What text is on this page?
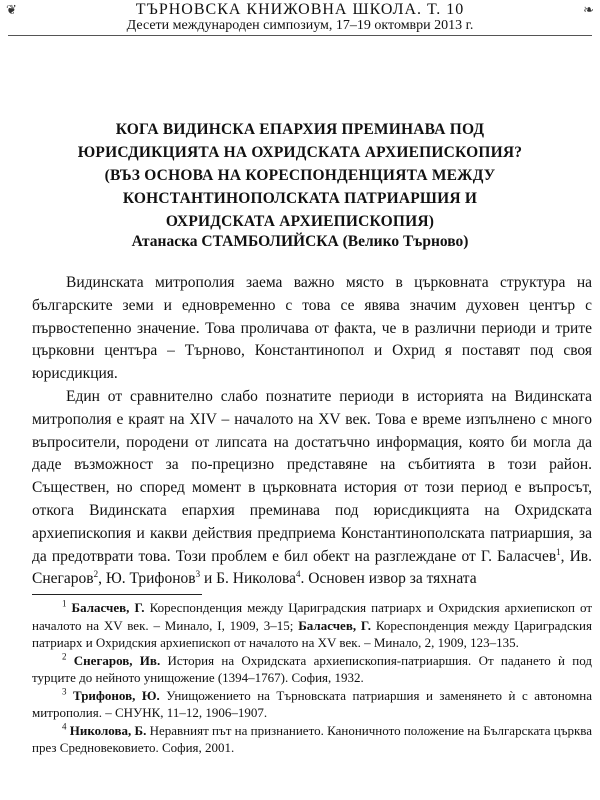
❦	ТЪРНОВСКА КНИЖОВНА ШКОЛА. Т. 10
Десети международен симпозиум, 17–19 октомври 2013 г.
❧
КОГА ВИДИНСКА ЕПАРХИЯ ПРЕМИНАВА ПОД
ЮРИСДИКЦИЯТА НА ОХРИДСКАТА АРХИЕПИСКОПИЯ?
(ВЪЗ ОСНОВА НА КОРЕСПОНДЕНЦИЯТА МЕЖДУ
КОНСТАНТИНОПОЛСКАТА ПАТРИАРШИЯ И
ОХРИДСКАТА АРХИЕПИСКОПИЯ)
Атанаска СТАМБОЛИЙСКА (Велико Търново)

Видинската митрополия заема важно място в църковната структура на българските земи и едновременно с това се явява значим духовен център с първостепенно значение. Това проличава от факта, че в различни периоди и трите църковни центъра – Търново, Константинопол и Охрид я поставят под своя юрисдикция.

Един от сравнително слабо познатите периоди в историята на Видинската митрополия е краят на XIV – началото на XV век. Това е време изпълнено с много въпросители, породени от липсата на достатъчно информация, която би могла да даде възможност за по-прецизно представяне на събитията в този район. Съществен, но според момент в църковната история от този период е въпросът, откога Видинската епархия преминава под юрисдикцията на Охридската архиепископия и какви действия предприема Константинополската патриаршия, за да предотврати това. Този проблем е бил обект на разглеждане от Г. Баласчев$^1$, Ив. Снегаров$^2$, Ю. Трифонов$^3$ и Б. Николова$^4$. Основен извор за тяхната

$^1$ Баласчев, Г. Кореспонденция между Цариградския патриарх и Охридския архиепископ от началото на XV век. – Минало, I, 1909, 3–15; Баласчев, Г. Кореспонденция между Цариградския патриарх и Охридския архиепископ от началото на XV век. – Минало, 2, 1909, 123–135.

$^2$ Снегаров, Ив. История на Охридската архиепископия-патриаршия. От падането ѝ под турците до нейното унищожение (1394–1767). София, 1932.

$^3$ Трифонов, Ю. Унищожението на Търновската патриаршия и заменянето ѝ с автономна митрополия. – СНУНК, 11–12, 1906–1907.

$^4$ Николова, Б. Неравният път на признанието. Каноничното положение на Българската църква през Средновековието. София, 2001.
